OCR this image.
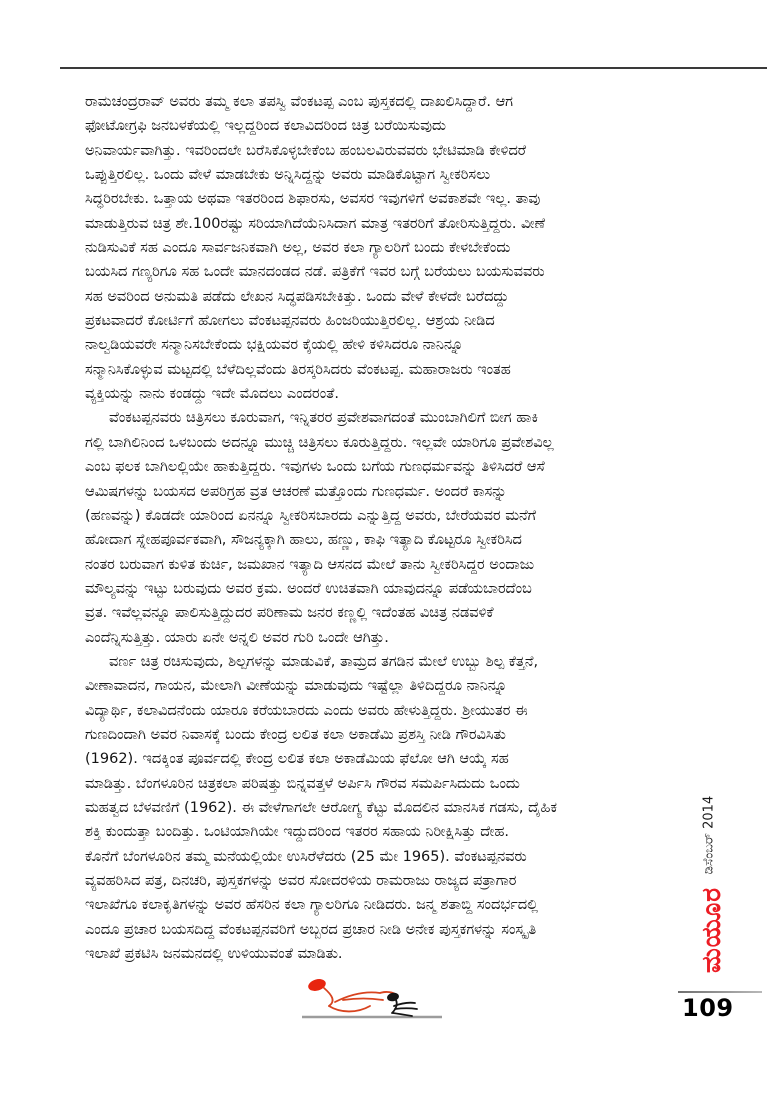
ರಾಮಚಂದ್ರರಾವ್ ಅವರು ತಮ್ಮ ಕಲಾ ತಪಸ್ವಿ ವೆಂಕಟಪ್ಪ ಎಂಬ ಪುಸ್ತಕದಲ್ಲಿ ದಾಖಲಿಸಿದ್ದಾರೆ. ಆಗ
ಫೋಟೋಗ್ರಫಿ ಜನಬಳಕೆಯಲ್ಲಿ ಇಲ್ಲದ್ದರಿಂದ ಕಲಾವಿದರಿಂದ ಚಿತ್ರ ಬರೆಯಿಸುವುದು
ಅನಿವಾರ್ಯವಾಗಿತ್ತು. ಇವರಿಂದಲೇ ಬರೆಸಿಕೊಳ್ಳಬೇಕೆಂಬ ಹಂಬಲವಿರುವವರು ಭೇಟಿಮಾಡಿ ಕೇಳಿದರೆ
ಒಪ್ಪುತ್ತಿರಲಿಲ್ಲ. ಒಂದು ವೇಳೆ ಮಾಡಬೇಕು ಅನ್ನಿಸಿದ್ದನ್ನು ಅವರು ಮಾಡಿಕೊಟ್ಟಾಗ ಸ್ವೀಕರಿಸಲು
ಸಿದ್ಧರಿರಬೇಕು. ಒತ್ತಾಯ ಅಥವಾ ಇತರರಿಂದ ಶಿಫಾರಸು, ಅವಸರ ಇವುಗಳಿಗೆ ಅವಕಾಶವೇ ಇಲ್ಲ. ತಾವು
ಮಾಡುತ್ತಿರುವ ಚಿತ್ರ ಶೇ.100ರಷ್ಟು ಸರಿಯಾಗಿದೆಯೆನಿಸಿದಾಗ ಮಾತ್ರ ಇತರರಿಗೆ ತೋರಿಸುತ್ತಿದ್ದರು. ವೀಣೆ
ನುಡಿಸುವಿಕೆ ಸಹ ಎಂದೂ ಸಾರ್ವಜನಿಕವಾಗಿ ಅಲ್ಲ, ಅವರ ಕಲಾ ಗ್ಯಾಲರಿಗೆ ಬಂದು ಕೇಳಬೇಕೆಂದು
ಬಯಸಿದ ಗಣ್ಯರಿಗೂ ಸಹ ಒಂದೇ ಮಾನದಂಡದ ನಡೆ. ಪತ್ರಿಕೆಗೆ ಇವರ ಬಗ್ಗೆ ಬರೆಯಲು ಬಯಸುವವರು
ಸಹ ಅವರಿಂದ ಅನುಮತಿ ಪಡೆದು ಲೇಖನ ಸಿದ್ಧಪಡಿಸಬೇಕಿತ್ತು. ಒಂದು ವೇಳೆ ಕೇಳದೇ ಬರೆದದ್ದು
ಪ್ರಕಟವಾದರೆ ಕೋರ್ಟಿಗೆ ಹೋಗಲು ವೆಂಕಟಪ್ಪನವರು ಹಿಂಜರಿಯುತ್ತಿರಲಿಲ್ಲ. ಆಶ್ರಯ ನೀಡಿದ
ನಾಲ್ವಡಿಯವರೇ ಸನ್ಮಾನಿಸಬೇಕೆಂದು ಭಕ್ಷಿಯವರ ಕೈಯಲ್ಲಿ ಹೇಳಿ ಕಳಿಸಿದರೂ ನಾನಿನ್ನೂ
ಸನ್ಮಾನಿಸಿಕೊಳ್ಳುವ ಮಟ್ಟದಲ್ಲಿ ಬೆಳೆದಿಲ್ಲವೆಂದು ತಿರಸ್ಕರಿಸಿದರು ವೆಂಕಟಪ್ಪ. ಮಹಾರಾಜರು ಇಂತಹ
ವ್ಯಕ್ತಿಯನ್ನು ನಾನು ಕಂಡದ್ದು ಇದೇ ಮೊದಲು ಎಂದರಂತೆ.
ವೆಂಕಟಪ್ಪನವರು ಚಿತ್ರಿಸಲು ಕೂರುವಾಗ, ಇನ್ನಿತರರ ಪ್ರವೇಶವಾಗದಂತೆ ಮುಂಬಾಗಿಲಿಗೆ ಬೀಗ ಹಾಕಿ
ಗಲ್ಲಿ ಬಾಗಿಲಿನಿಂದ ಒಳಬಂದು ಅದನ್ನೂ ಮುಚ್ಚಿ ಚಿತ್ರಿಸಲು ಕೂರುತ್ತಿದ್ದರು. ಇಲ್ಲವೇ ಯಾರಿಗೂ ಪ್ರವೇಶವಿಲ್ಲ
ಎಂಬ ಫಲಕ ಬಾಗಿಲಲ್ಲಿಯೇ ಹಾಕುತ್ತಿದ್ದರು. ಇವುಗಳು ಒಂದು ಬಗೆಯ ಗುಣಧರ್ಮವನ್ನು ತಿಳಿಸಿದರೆ ಆಸೆ
ಆಮಿಷಗಳನ್ನು ಬಯಸದ ಅಪರಿಗ್ರಹ ವ್ರತ ಆಚರಣೆ ಮತ್ತೊಂದು ಗುಣಧರ್ಮ. ಅಂದರೆ ಕಾಸನ್ನು
(ಹಣವನ್ನು) ಕೊಡದೇ ಯಾರಿಂದ ಏನನ್ನೂ ಸ್ವೀಕರಿಸಬಾರದು ಎನ್ನುತ್ತಿದ್ದ ಅವರು, ಬೇರೆಯವರ ಮನೆಗೆ
ಹೋದಾಗ ಸ್ನೇಹಪೂರ್ವಕವಾಗಿ, ಸೌಜನ್ಯಕ್ಕಾಗಿ ಹಾಲು, ಹಣ್ಣು, ಕಾಫಿ ಇತ್ಯಾದಿ ಕೊಟ್ಟರೂ ಸ್ವೀಕರಿಸಿದ
ನಂತರ ಬರುವಾಗ ಕುಳಿತ ಕುರ್ಚಿ, ಜಮಖಾನ ಇತ್ಯಾದಿ ಆಸನದ ಮೇಲೆ ತಾನು ಸ್ವೀಕರಿಸಿದ್ದರ ಅಂದಾಜು
ಮೌಲ್ಯವನ್ನು ಇಟ್ಟು ಬರುವುದು ಅವರ ಕ್ರಮ. ಅಂದರೆ ಉಚಿತವಾಗಿ ಯಾವುದನ್ನೂ ಪಡೆಯಬಾರದೆಂಬ
ವ್ರತ. ಇವೆಲ್ಲವನ್ನೂ ಪಾಲಿಸುತ್ತಿದ್ದುದರ ಪರಿಣಾಮ ಜನರ ಕಣ್ಣಲ್ಲಿ ಇದೆಂತಹ ವಿಚಿತ್ರ ನಡವಳಿಕೆ
ಎಂದೆನ್ನಿಸುತ್ತಿತ್ತು. ಯಾರು ಏನೇ ಅನ್ನಲಿ ಅವರ ಗುರಿ ಒಂದೇ ಆಗಿತ್ತು.
ವರ್ಣ ಚಿತ್ರ ರಚಿಸುವುದು, ಶಿಲ್ಪಗಳನ್ನು ಮಾಡುವಿಕೆ, ತಾಮ್ರದ ತಗಡಿನ ಮೇಲೆ ಉಬ್ಬು ಶಿಲ್ಪ ಕೆತ್ತನೆ,
ವೀಣಾವಾದನ, ಗಾಯನ, ಮೇಲಾಗಿ ವೀಣೆಯನ್ನು ಮಾಡುವುದು ಇಷ್ಟೆಲ್ಲಾ ತಿಳಿದಿದ್ದರೂ ನಾನಿನ್ನೂ
ವಿದ್ಯಾರ್ಥಿ, ಕಲಾವಿದನೆಂದು ಯಾರೂ ಕರೆಯಬಾರದು ಎಂದು ಅವರು ಹೇಳುತ್ತಿದ್ದರು. ಶ್ರೀಯುತರ ಈ
ಗುಣದಿಂದಾಗಿ ಅವರ ನಿವಾಸಕ್ಕೆ ಬಂದು ಕೇಂದ್ರ ಲಲಿತ ಕಲಾ ಅಕಾಡೆಮಿ ಪ್ರಶಸ್ತಿ ನೀಡಿ ಗೌರವಿಸಿತು
(1962). ಇದಕ್ಕಿಂತ ಪೂರ್ವದಲ್ಲಿ ಕೇಂದ್ರ ಲಲಿತ ಕಲಾ ಅಕಾಡೆಮಿಯ ಫೆಲೋ ಆಗಿ ಆಯ್ಕೆ ಸಹ
ಮಾಡಿತ್ತು. ಬೆಂಗಳೂರಿನ ಚಿತ್ರಕಲಾ ಪರಿಷತ್ತು ಬಿನ್ನವತ್ತಳೆ ಅರ್ಪಿಸಿ ಗೌರವ ಸಮರ್ಪಿಸಿದುದು ಒಂದು
ಮಹತ್ವದ ಬೆಳವಣಿಗೆ (1962). ಈ ವೇಳೆಗಾಗಲೇ ಆರೋಗ್ಯ ಕೆಟ್ಟು ಮೊದಲಿನ ಮಾನಸಿಕ ಗಡಸು, ದೈಹಿಕ
ಶಕ್ತಿ ಕುಂದುತ್ತಾ ಬಂದಿತ್ತು. ಒಂಟಿಯಾಗಿಯೇ ಇದ್ದುದರಿಂದ ಇತರರ ಸಹಾಯ ನಿರೀಕ್ಷಿಸಿತ್ತು ದೇಹ.
ಕೊನೆಗೆ ಬೆಂಗಳೂರಿನ ತಮ್ಮ ಮನೆಯಲ್ಲಿಯೇ ಉಸಿರೆಳೆದರು (25 ಮೇ 1965). ವೆಂಕಟಪ್ಪನವರು
ವ್ಯವಹರಿಸಿದ ಪತ್ರ, ದಿನಚರಿ, ಪುಸ್ತಕಗಳನ್ನು ಅವರ ಸೋದರಳಿಯ ರಾಮರಾಜು ರಾಜ್ಯದ ಪತ್ರಾಗಾರ
ಇಲಾಖೆಗೂ ಕಲಾಕೃತಿಗಳನ್ನು ಅವರ ಹೆಸರಿನ ಕಲಾ ಗ್ಯಾಲರಿಗೂ ನೀಡಿದರು. ಜನ್ಮ ಶತಾಬ್ದಿ ಸಂದರ್ಭದಲ್ಲಿ
ಎಂದೂ ಪ್ರಚಾರ ಬಯಸದಿದ್ದ ವೆಂಕಟಪ್ಪನವರಿಗೆ ಅಬ್ಬರದ ಪ್ರಚಾರ ನೀಡಿ ಅನೇಕ ಪುಸ್ತಕಗಳನ್ನು ಸಂಸ್ಕೃತಿ
ಇಲಾಖೆ ಪ್ರಕಟಿಸಿ ಜನಮನದಲ್ಲಿ ಉಳಿಯುವಂತೆ ಮಾಡಿತು.
ಡಿಸೆಂಬರ್ 2014
ಮಯೂರ
109
